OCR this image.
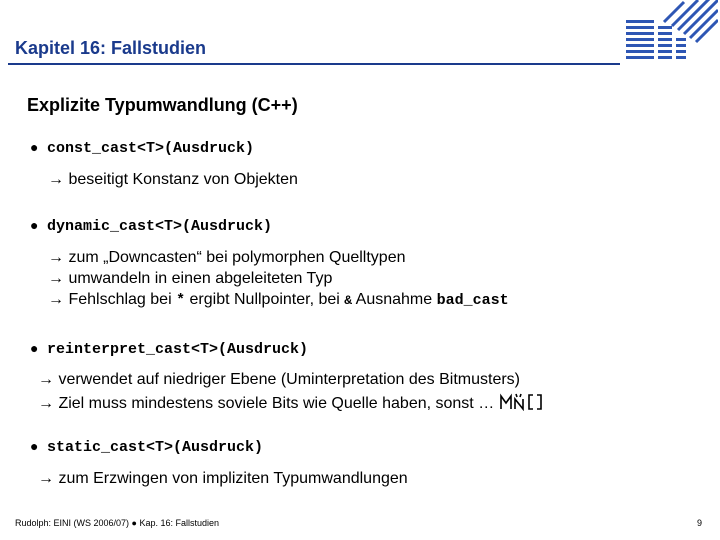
Kapitel 16: Fallstudien
Explizite Typumwandlung (C++)
● const_cast<T>(Ausdruck)
→ beseitigt Konstanz von Objekten
● dynamic_cast<T>(Ausdruck)
→ zum „Downcasten“ bei polymorphen Quelltypen
→ umwandeln in einen abgeleiteten Typ
→ Fehlschlag bei * ergibt Nullpointer, bei & Ausnahme bad_cast
● reinterpret_cast<T>(Ausdruck)
→ verwendet auf niedriger Ebene (Uminterpretation des Bitmusters)
→ Ziel muss mindestens soviele Bits wie Quelle haben, sonst …
● static_cast<T>(Ausdruck)
→ zum Erzwingen von impliziten Typumwandlungen
Rudolph: EINI (WS 2006/07) ● Kap. 16: Fallstudien	9
